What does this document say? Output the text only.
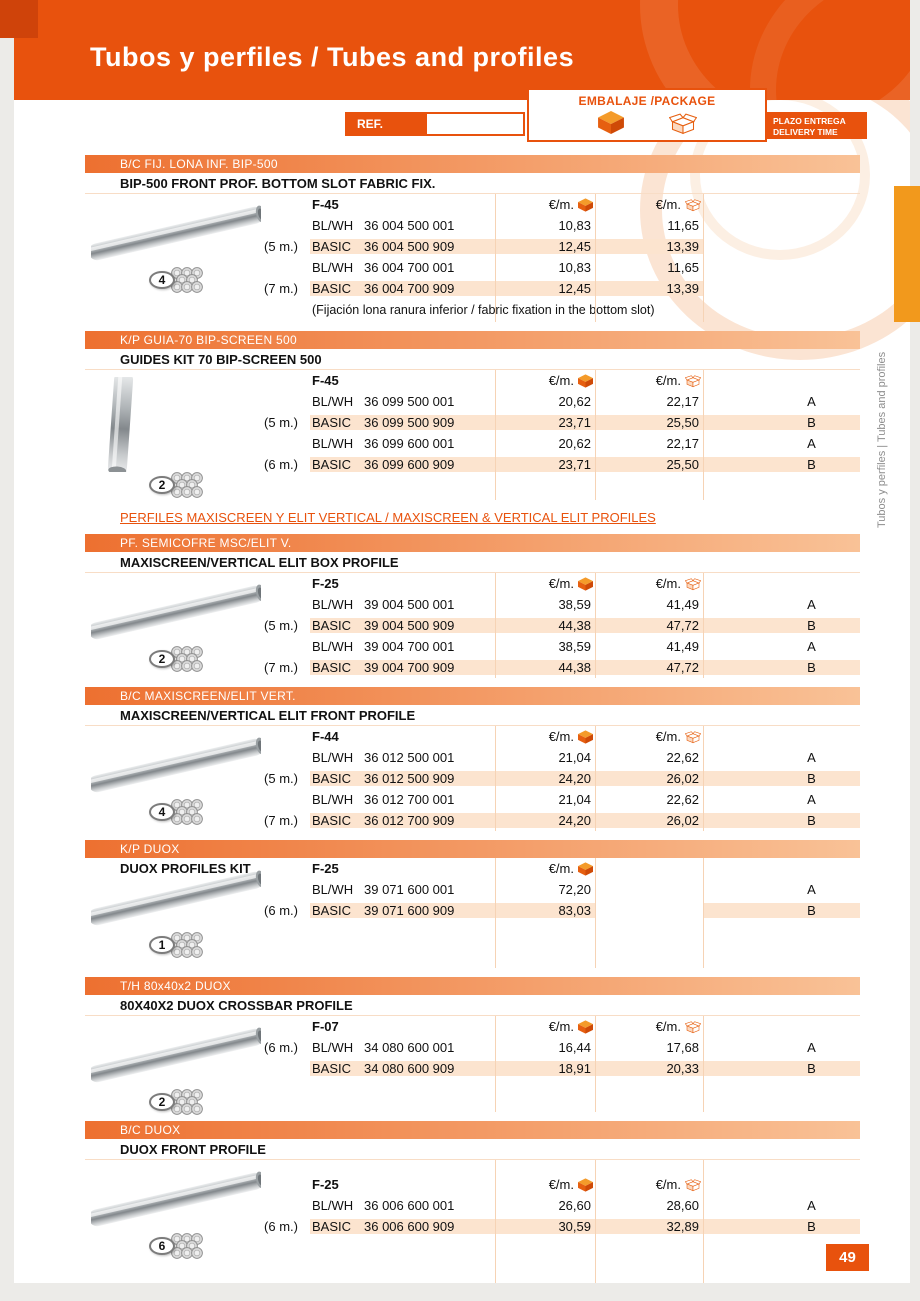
Tubos y perfiles / Tubes and profiles
REF.
EMBALAJE /PACKAGE
PLAZO ENTREGA
DELIVERY TIME
B/C FIJ. LONA INF. BIP-500
BIP-500 FRONT PROF. BOTTOM SLOT FABRIC FIX.
F-45	€/m.	€/m.
BL/WH 36 004 500 001	10,83	11,65
(5 m.)	BASIC 36 004 500 909	12,45	13,39
BL/WH 36 004 700 001	10,83	11,65
(7 m.)	BASIC 36 004 700 909	12,45	13,39
(Fijación lona ranura inferior / fabric fixation in the bottom slot)
4
K/P GUIA-70 BIP-SCREEN 500
GUIDES KIT 70 BIP-SCREEN 500
F-45	€/m.	€/m.
BL/WH 36 099 500 001	20,62	22,17	A
(5 m.)	BASIC 36 099 500 909	23,71	25,50	B
BL/WH 36 099 600 001	20,62	22,17	A
(6 m.)	BASIC 36 099 600 909	23,71	25,50	B
2
PERFILES MAXISCREEN Y ELIT VERTICAL / MAXISCREEN & VERTICAL ELIT PROFILES
PF. SEMICOFRE MSC/ELIT V.
MAXISCREEN/VERTICAL ELIT BOX PROFILE
F-25	€/m.	€/m.
BL/WH 39 004 500 001	38,59	41,49	A
(5 m.)	BASIC 39 004 500 909	44,38	47,72	B
BL/WH 39 004 700 001	38,59	41,49	A
(7 m.)	BASIC 39 004 700 909	44,38	47,72	B
2
B/C MAXISCREEN/ELIT VERT.
MAXISCREEN/VERTICAL ELIT FRONT PROFILE
F-44	€/m.	€/m.
BL/WH 36 012 500 001	21,04	22,62	A
(5 m.)	BASIC 36 012 500 909	24,20	26,02	B
BL/WH 36 012 700 001	21,04	22,62	A
(7 m.)	BASIC 36 012 700 909	24,20	26,02	B
4
K/P DUOX
DUOX PROFILES KIT	F-25	€/m.
BL/WH 39 071 600 001	72,20	A
(6 m.)	BASIC 39 071 600 909	83,03	B
1
T/H 80x40x2 DUOX
80X40X2 DUOX CROSSBAR PROFILE
F-07	€/m.	€/m.
(6 m.)	BL/WH 34 080 600 001	16,44	17,68	A
BASIC 34 080 600 909	18,91	20,33	B
2
B/C DUOX
DUOX FRONT PROFILE
F-25	€/m.	€/m.
BL/WH 36 006 600 001	26,60	28,60	A
(6 m.)	BASIC 36 006 600 909	30,59	32,89	B
6
Tubos y perfiles | Tubes and profiles
49
